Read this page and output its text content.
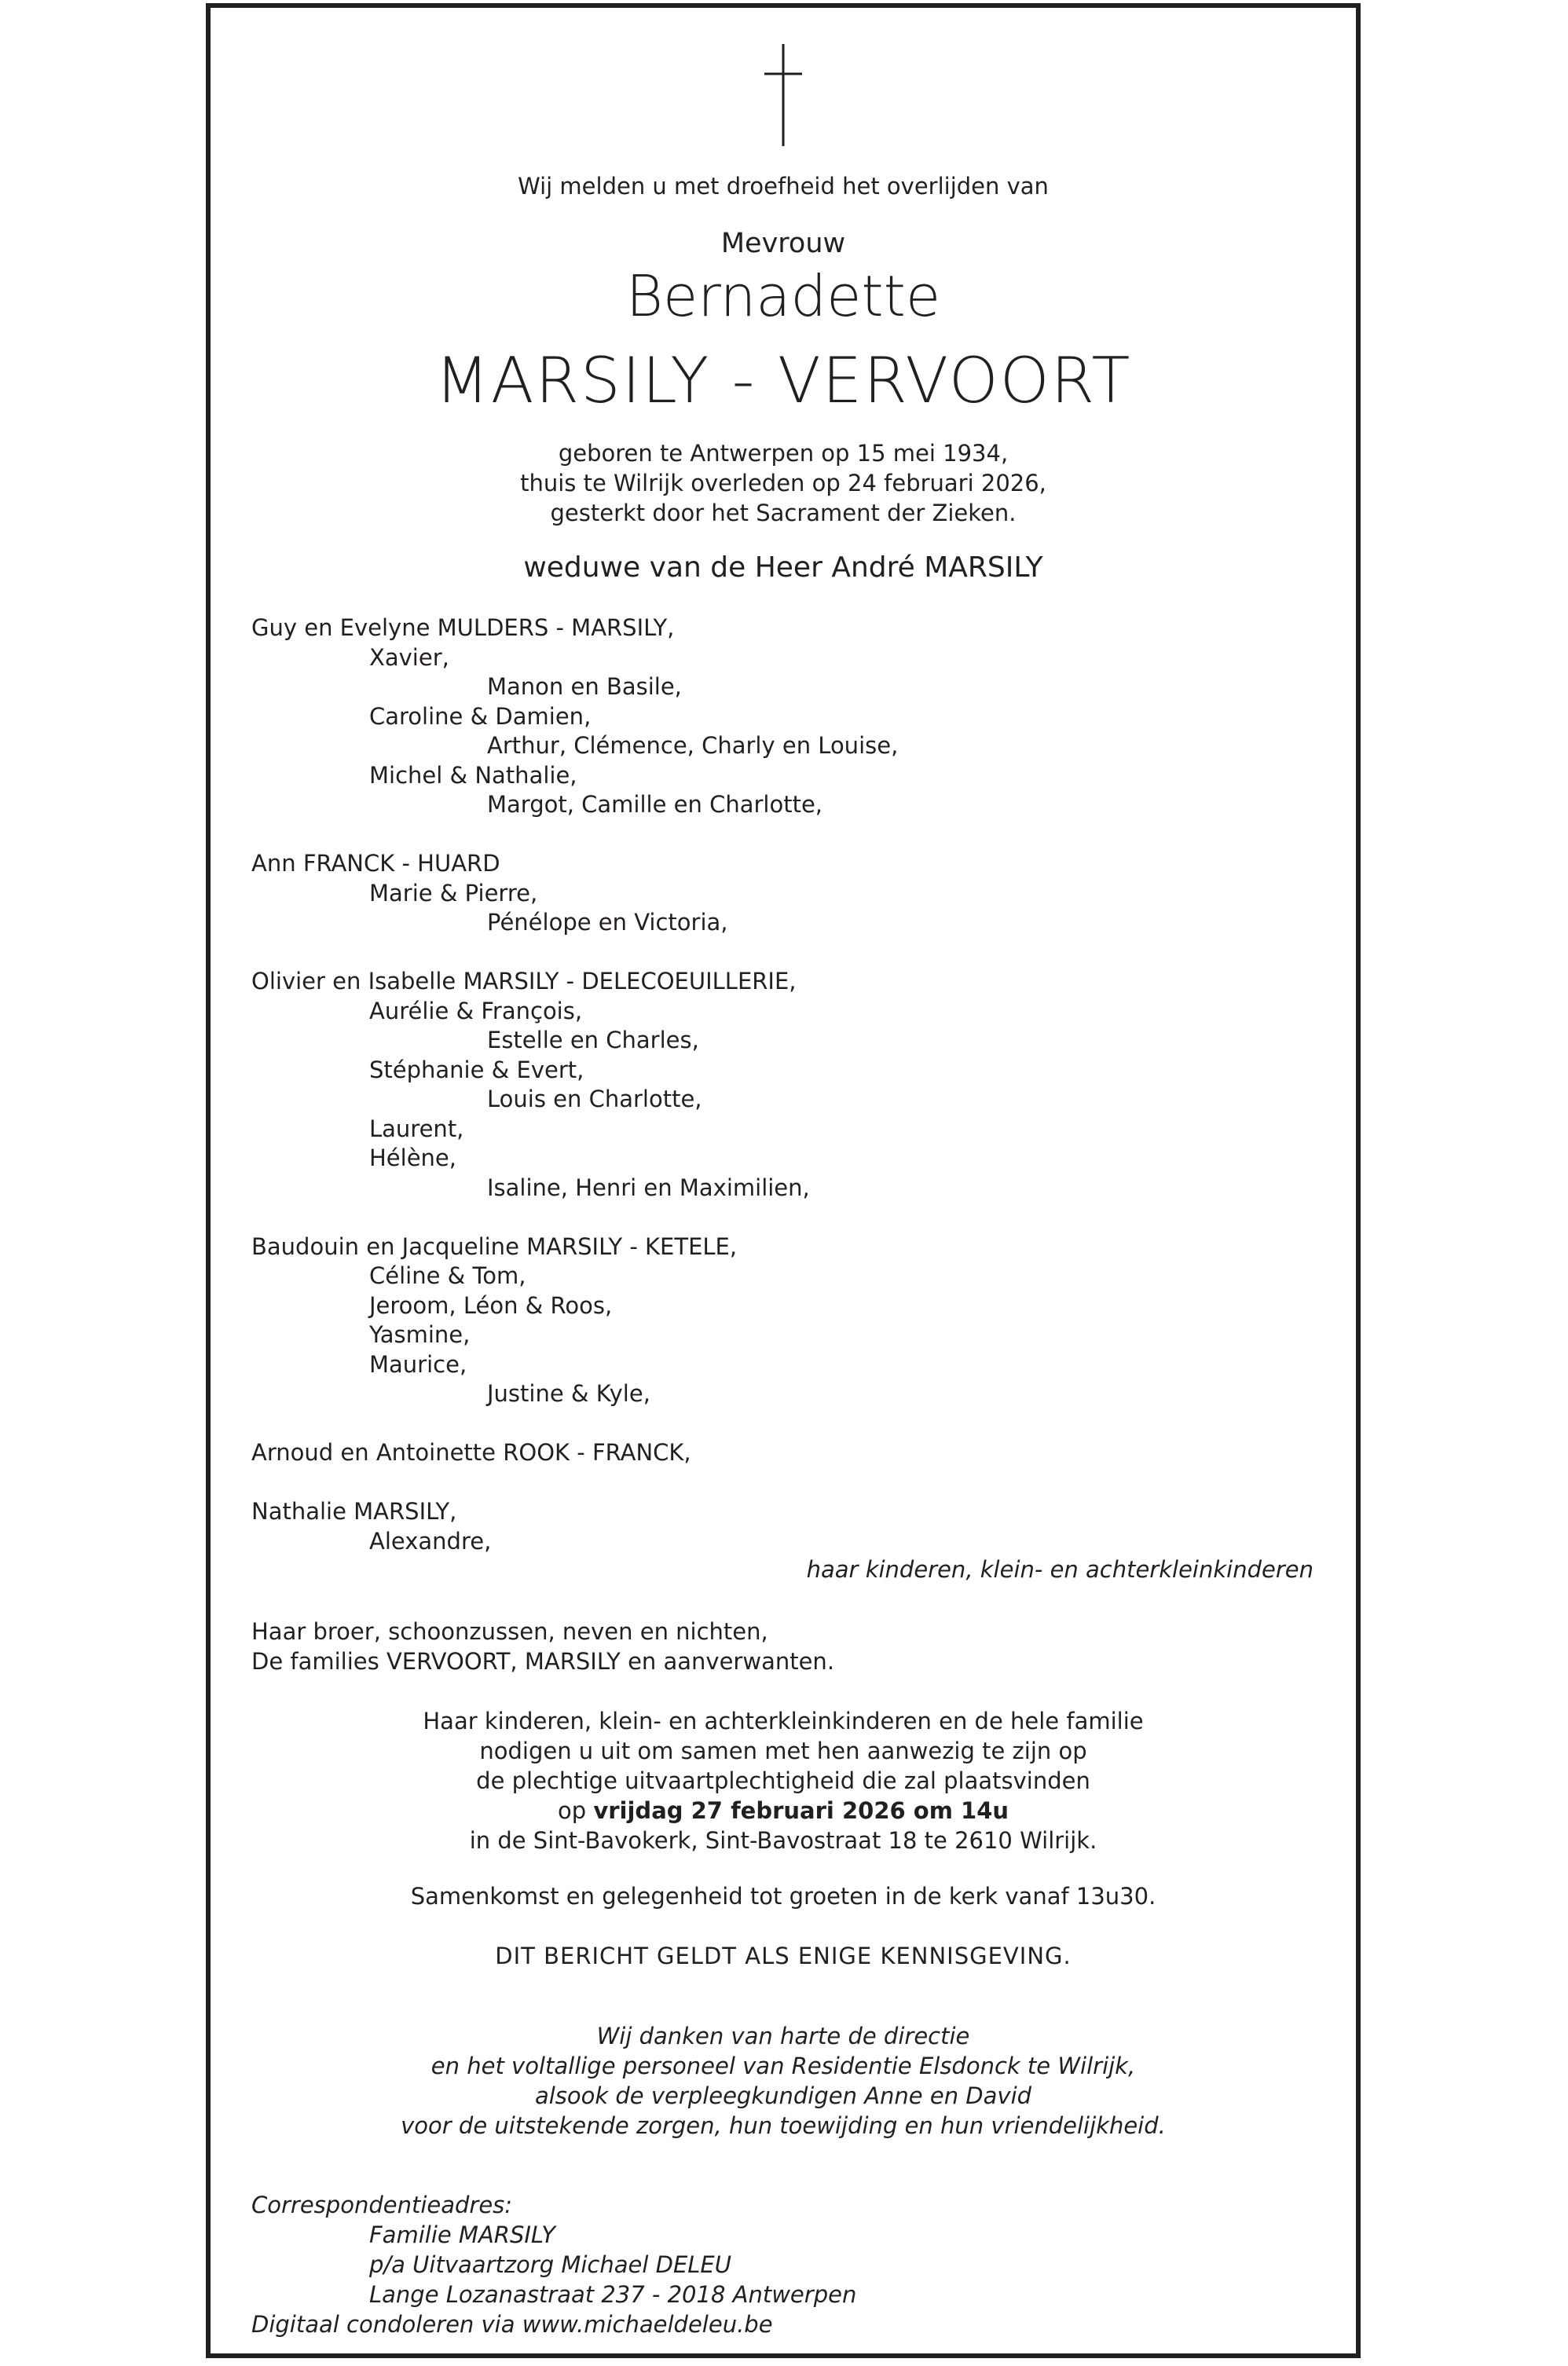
Wij melden u met droefheid het overlijden van
Mevrouw
Bernadette
MARSILY - VERVOORT
geboren te Antwerpen op 15 mei 1934,
thuis te Wilrijk overleden op 24 februari 2026,
gesterkt door het Sacrament der Zieken.
weduwe van de Heer André MARSILY
Guy en Evelyne MULDERS - MARSILY,
Xavier,
Manon en Basile,
Caroline & Damien,
Arthur, Clémence, Charly en Louise,
Michel & Nathalie,
Margot, Camille en Charlotte,
Ann FRANCK - HUARD
Marie & Pierre,
Pénélope en Victoria,
Olivier en Isabelle MARSILY - DELECOEUILLERIE,
Aurélie & François,
Estelle en Charles,
Stéphanie & Evert,
Louis en Charlotte,
Laurent,
Hélène,
Isaline, Henri en Maximilien,
Baudouin en Jacqueline MARSILY - KETELE,
Céline & Tom,
Jeroom, Léon & Roos,
Yasmine,
Maurice,
Justine & Kyle,
Arnoud en Antoinette ROOK - FRANCK,
Nathalie MARSILY,
Alexandre,
haar kinderen, klein- en achterkleinkinderen
Haar broer, schoonzussen, neven en nichten,
De families VERVOORT, MARSILY en aanverwanten.
Haar kinderen, klein- en achterkleinkinderen en de hele familie
nodigen u uit om samen met hen aanwezig te zijn op
de plechtige uitvaartplechtigheid die zal plaatsvinden
op vrijdag 27 februari 2026 om 14u
in de Sint-Bavokerk, Sint-Bavostraat 18 te 2610 Wilrijk.
Samenkomst en gelegenheid tot groeten in de kerk vanaf 13u30.
DIT BERICHT GELDT ALS ENIGE KENNISGEVING.
Wij danken van harte de directie
en het voltallige personeel van Residentie Elsdonck te Wilrijk,
alsook de verpleegkundigen Anne en David
voor de uitstekende zorgen, hun toewijding en hun vriendelijkheid.
Correspondentieadres:
Familie MARSILY
p/a Uitvaartzorg Michael DELEU
Lange Lozanastraat 237 - 2018 Antwerpen
Digitaal condoleren via www.michaeldeleu.be
